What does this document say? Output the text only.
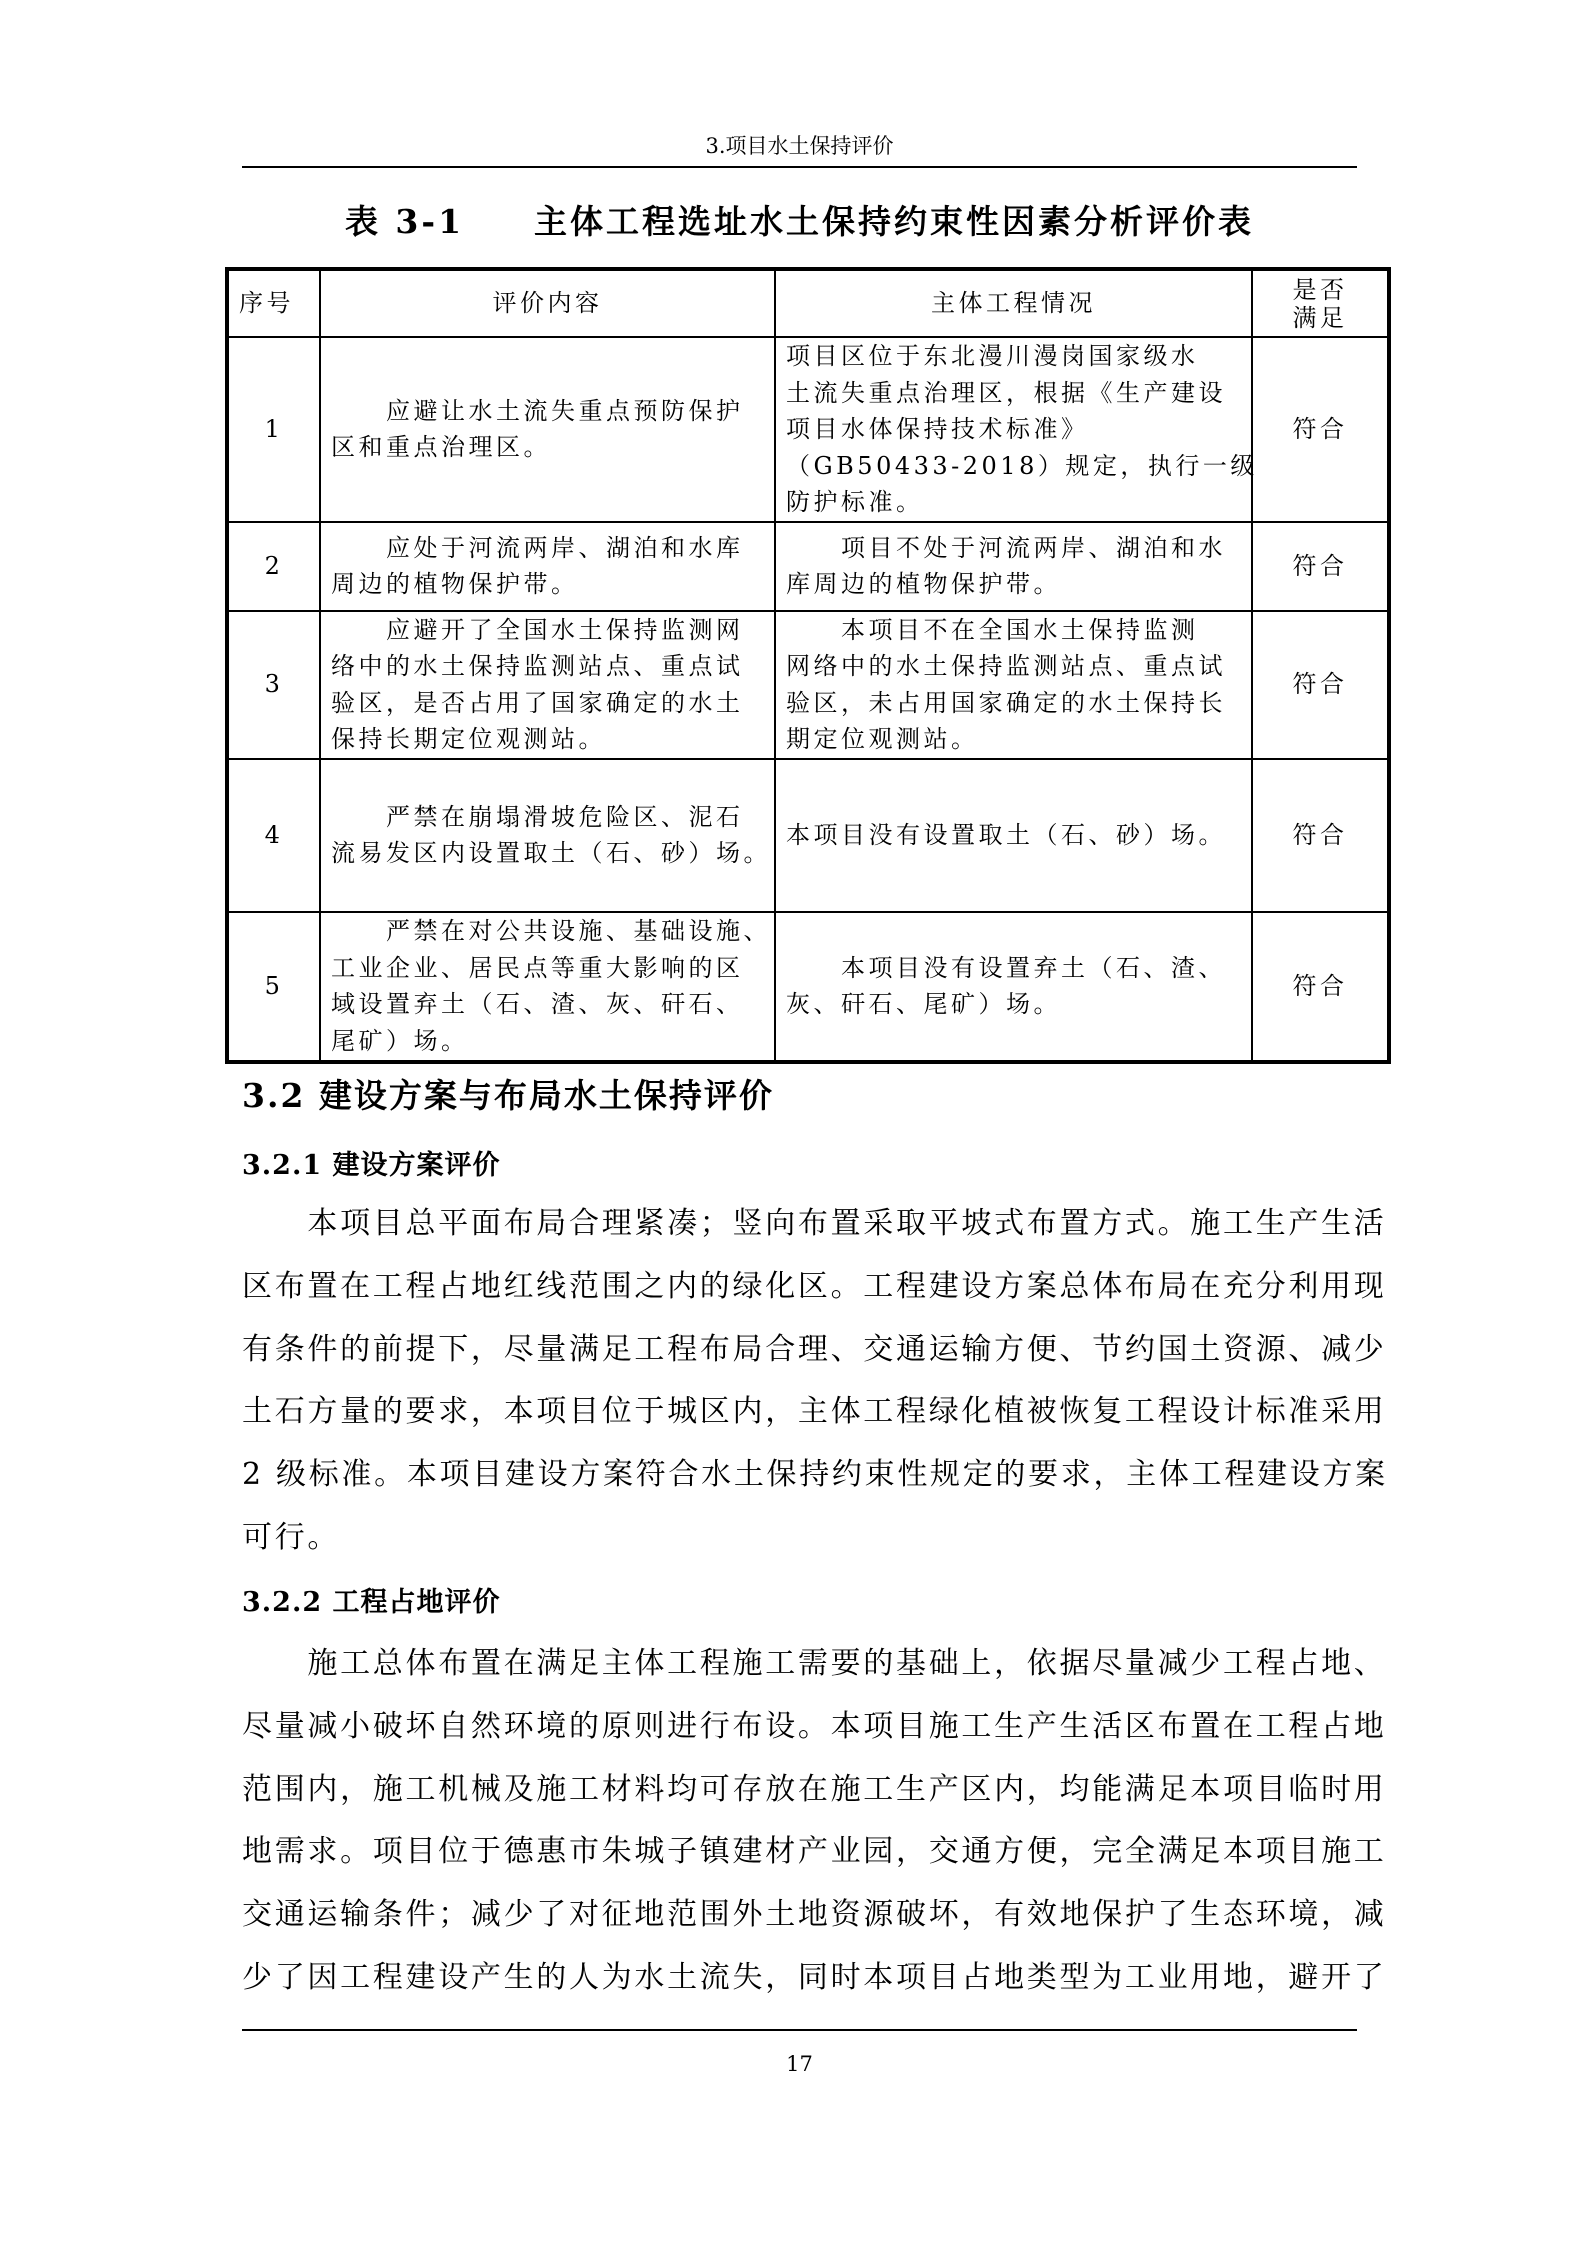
3.项目水土保持评价
表 3-1 主体工程选址水土保持约束性因素分析评价表
序号	评价内容	主体工程情况	是否
满足

1	　　应避让水土流失重点预防保护
区和重点治理区。	项目区位于东北漫川漫岗国家级水
土流失重点治理区，根据《生产建设
项目水体保持技术标准》
（GB50433-2018）规定，执行一级
防护标准。	符合
2	　　应处于河流两岸、湖泊和水库
周边的植物保护带。	　　项目不处于河流两岸、湖泊和水
库周边的植物保护带。	符合
3	　　应避开了全国水土保持监测网
络中的水土保持监测站点、重点试
验区，是否占用了国家确定的水土
保持长期定位观测站。	　　本项目不在全国水土保持监测
网络中的水土保持监测站点、重点试
验区，未占用国家确定的水土保持长
期定位观测站。	符合
4	　　严禁在崩塌滑坡危险区、泥石
流易发区内设置取土（石、砂）场。	本项目没有设置取土（石、砂）场。	符合
5	　　严禁在对公共设施、基础设施、
工业企业、居民点等重大影响的区
域设置弃土（石、渣、灰、矸石、
尾矿）场。	　　本项目没有设置弃土（石、渣、
灰、矸石、尾矿）场。	符合
3.2 建设方案与布局水土保持评价
3.2.1 建设方案评价
　　本项目总平面布局合理紧凑；竖向布置采取平坡式布置方式。施工生产生活
区布置在工程占地红线范围之内的绿化区。工程建设方案总体布局在充分利用现
有条件的前提下，尽量满足工程布局合理、交通运输方便、节约国土资源、减少
土石方量的要求，本项目位于城区内，主体工程绿化植被恢复工程设计标准采用
2 级标准。本项目建设方案符合水土保持约束性规定的要求，主体工程建设方案
可行。
3.2.2 工程占地评价
　　施工总体布置在满足主体工程施工需要的基础上，依据尽量减少工程占地、
尽量减小破坏自然环境的原则进行布设。本项目施工生产生活区布置在工程占地
范围内，施工机械及施工材料均可存放在施工生产区内，均能满足本项目临时用
地需求。项目位于德惠市朱城子镇建材产业园，交通方便，完全满足本项目施工
交通运输条件；减少了对征地范围外土地资源破坏，有效地保护了生态环境，减
少了因工程建设产生的人为水土流失，同时本项目占地类型为工业用地，避开了
17
